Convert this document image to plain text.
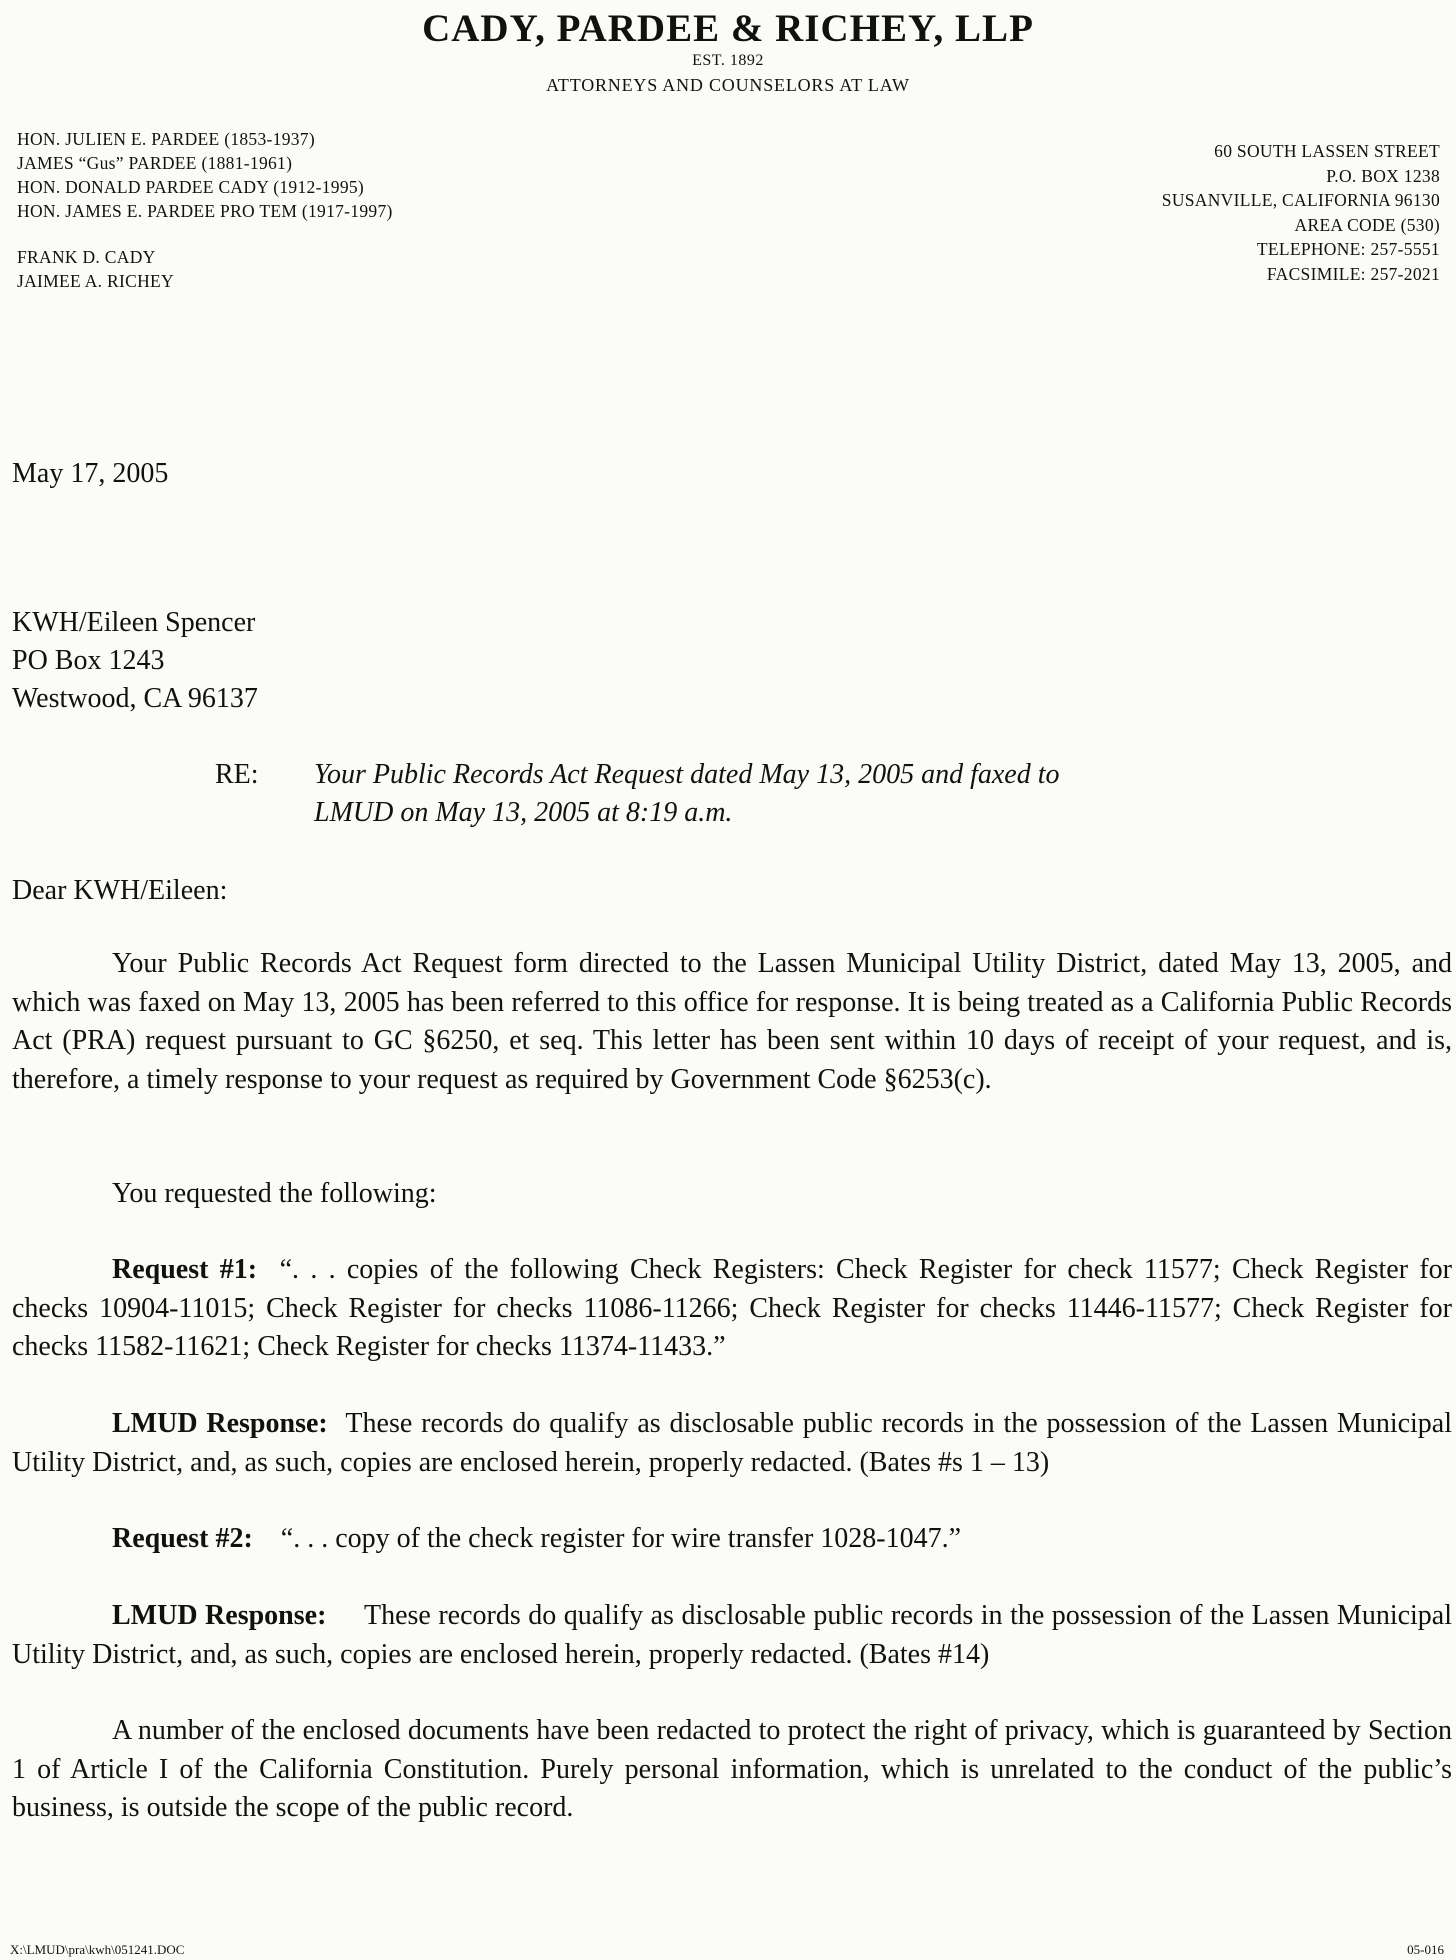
CADY, PARDEE & RICHEY, LLP
EST. 1892
ATTORNEYS AND COUNSELORS AT LAW
HON. JULIEN E. PARDEE (1853-1937)
JAMES “Gus” PARDEE (1881-1961)
HON. DONALD PARDEE CADY (1912-1995)
HON. JAMES E. PARDEE PRO TEM (1917-1997)
FRANK D. CADY
JAIMEE A. RICHEY
60 SOUTH LASSEN STREET
P.O. BOX 1238
SUSANVILLE, CALIFORNIA 96130
AREA CODE (530)
TELEPHONE: 257-5551
FACSIMILE: 257-2021
May 17, 2005
KWH/Eileen Spencer
PO Box 1243
Westwood, CA 96137
RE: Your Public Records Act Request dated May 13, 2005 and faxed to
LMUD on May 13, 2005 at 8:19 a.m.
Dear KWH/Eileen:
Your Public Records Act Request form directed to the Lassen Municipal Utility District, dated May 13, 2005, and which was faxed on May 13, 2005 has been referred to this office for response. It is being treated as a California Public Records Act (PRA) request pursuant to GC §6250, et seq. This letter has been sent within 10 days of receipt of your request, and is, therefore, a timely response to your request as required by Government Code §6253(c).
You requested the following:
Request #1: “. . . copies of the following Check Registers: Check Register for check 11577; Check Register for checks 10904-11015; Check Register for checks 11086-11266; Check Register for checks 11446-11577; Check Register for checks 11582-11621; Check Register for checks 11374-11433.”
LMUD Response: These records do qualify as disclosable public records in the possession of the Lassen Municipal Utility District, and, as such, copies are enclosed herein, properly redacted. (Bates #s 1 – 13)
Request #2: “. . . copy of the check register for wire transfer 1028-1047.”
LMUD Response: These records do qualify as disclosable public records in the possession of the Lassen Municipal Utility District, and, as such, copies are enclosed herein, properly redacted. (Bates #14)
A number of the enclosed documents have been redacted to protect the right of privacy, which is guaranteed by Section 1 of Article I of the California Constitution. Purely personal information, which is unrelated to the conduct of the public’s business, is outside the scope of the public record.
X:\LMUD\pra\kwh\051241.DOC	05-016
